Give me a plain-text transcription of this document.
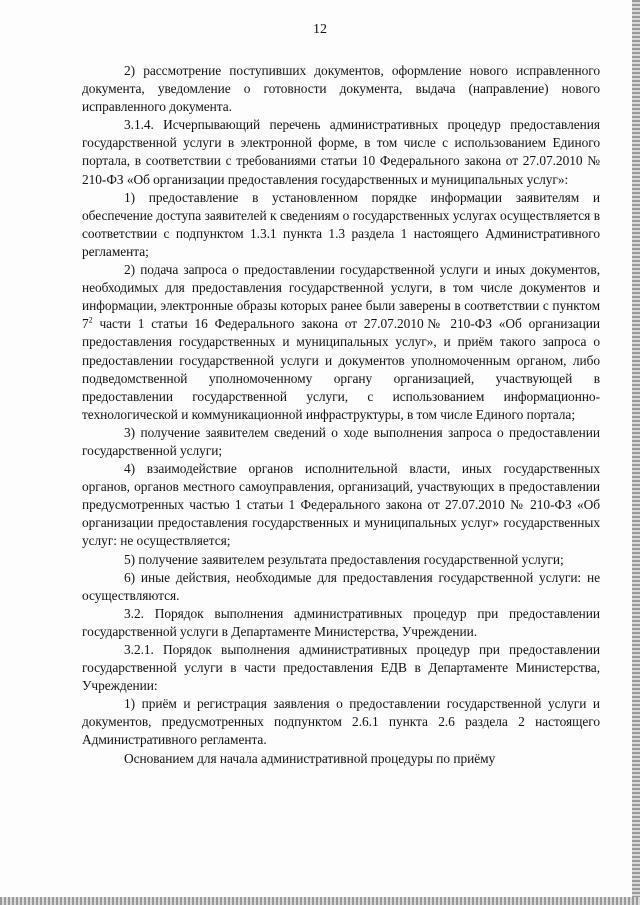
12

2) рассмотрение поступивших документов, оформление нового исправленного документа, уведомление о готовности документа, выдача (направление) нового исправленного документа.

3.1.4. Исчерпывающий перечень административных процедур предоставления государственной услуги в электронной форме, в том числе с использованием Единого портала, в соответствии с требованиями статьи 10 Федерального закона от 27.07.2010 № 210-ФЗ «Об организации предоставления государственных и муниципальных услуг»:

1) предоставление в установленном порядке информации заявителям и обеспечение доступа заявителей к сведениям о государственных услугах осуществляется в соответствии с подпунктом 1.3.1 пункта 1.3 раздела 1 настоящего Административного регламента;

2) подача запроса о предоставлении государственной услуги и иных документов, необходимых для предоставления государственной услуги, в том числе документов и информации, электронные образы которых ранее были заверены в соответствии с пунктом $7^2$ части 1 статьи 16 Федерального закона от 27.07.2010№ 210-ФЗ «Об организации предоставления государственных и муниципальных услуг», и приём такого запроса о предоставлении государственной услуги и документов уполномоченным органом, либо подведомственной уполномоченному органу организацией, участвующей в предоставлении государственной услуги, с использованием информационно-технологической и коммуникационной инфраструктуры, в том числе Единого портала;

3) получение заявителем сведений о ходе выполнения запроса о предоставлении государственной услуги;

4) взаимодействие органов исполнительной власти, иных государственных органов, органов местного самоуправления, организаций, участвующих в предоставлении предусмотренных частью 1 статьи 1 Федерального закона от 27.07.2010 № 210-ФЗ «Об организации предоставления государственных и муниципальных услуг» государственных услуг: не осуществляется;

5) получение заявителем результата предоставления государственной услуги;

6) иные действия, необходимые для предоставления государственной услуги: не осуществляются.

3.2. Порядок выполнения административных процедур при предоставлении государственной услуги в Департаменте Министерства, Учреждении.

3.2.1. Порядок выполнения административных процедур при предоставлении государственной услуги в части предоставления ЕДВ в Департаменте Министерства, Учреждении:

1) приём и регистрация заявления о предоставлении государственной услуги и документов, предусмотренных подпунктом 2.6.1 пункта 2.6 раздела 2 настоящего Административного регламента.

Основанием для начала административной процедуры по приёму
